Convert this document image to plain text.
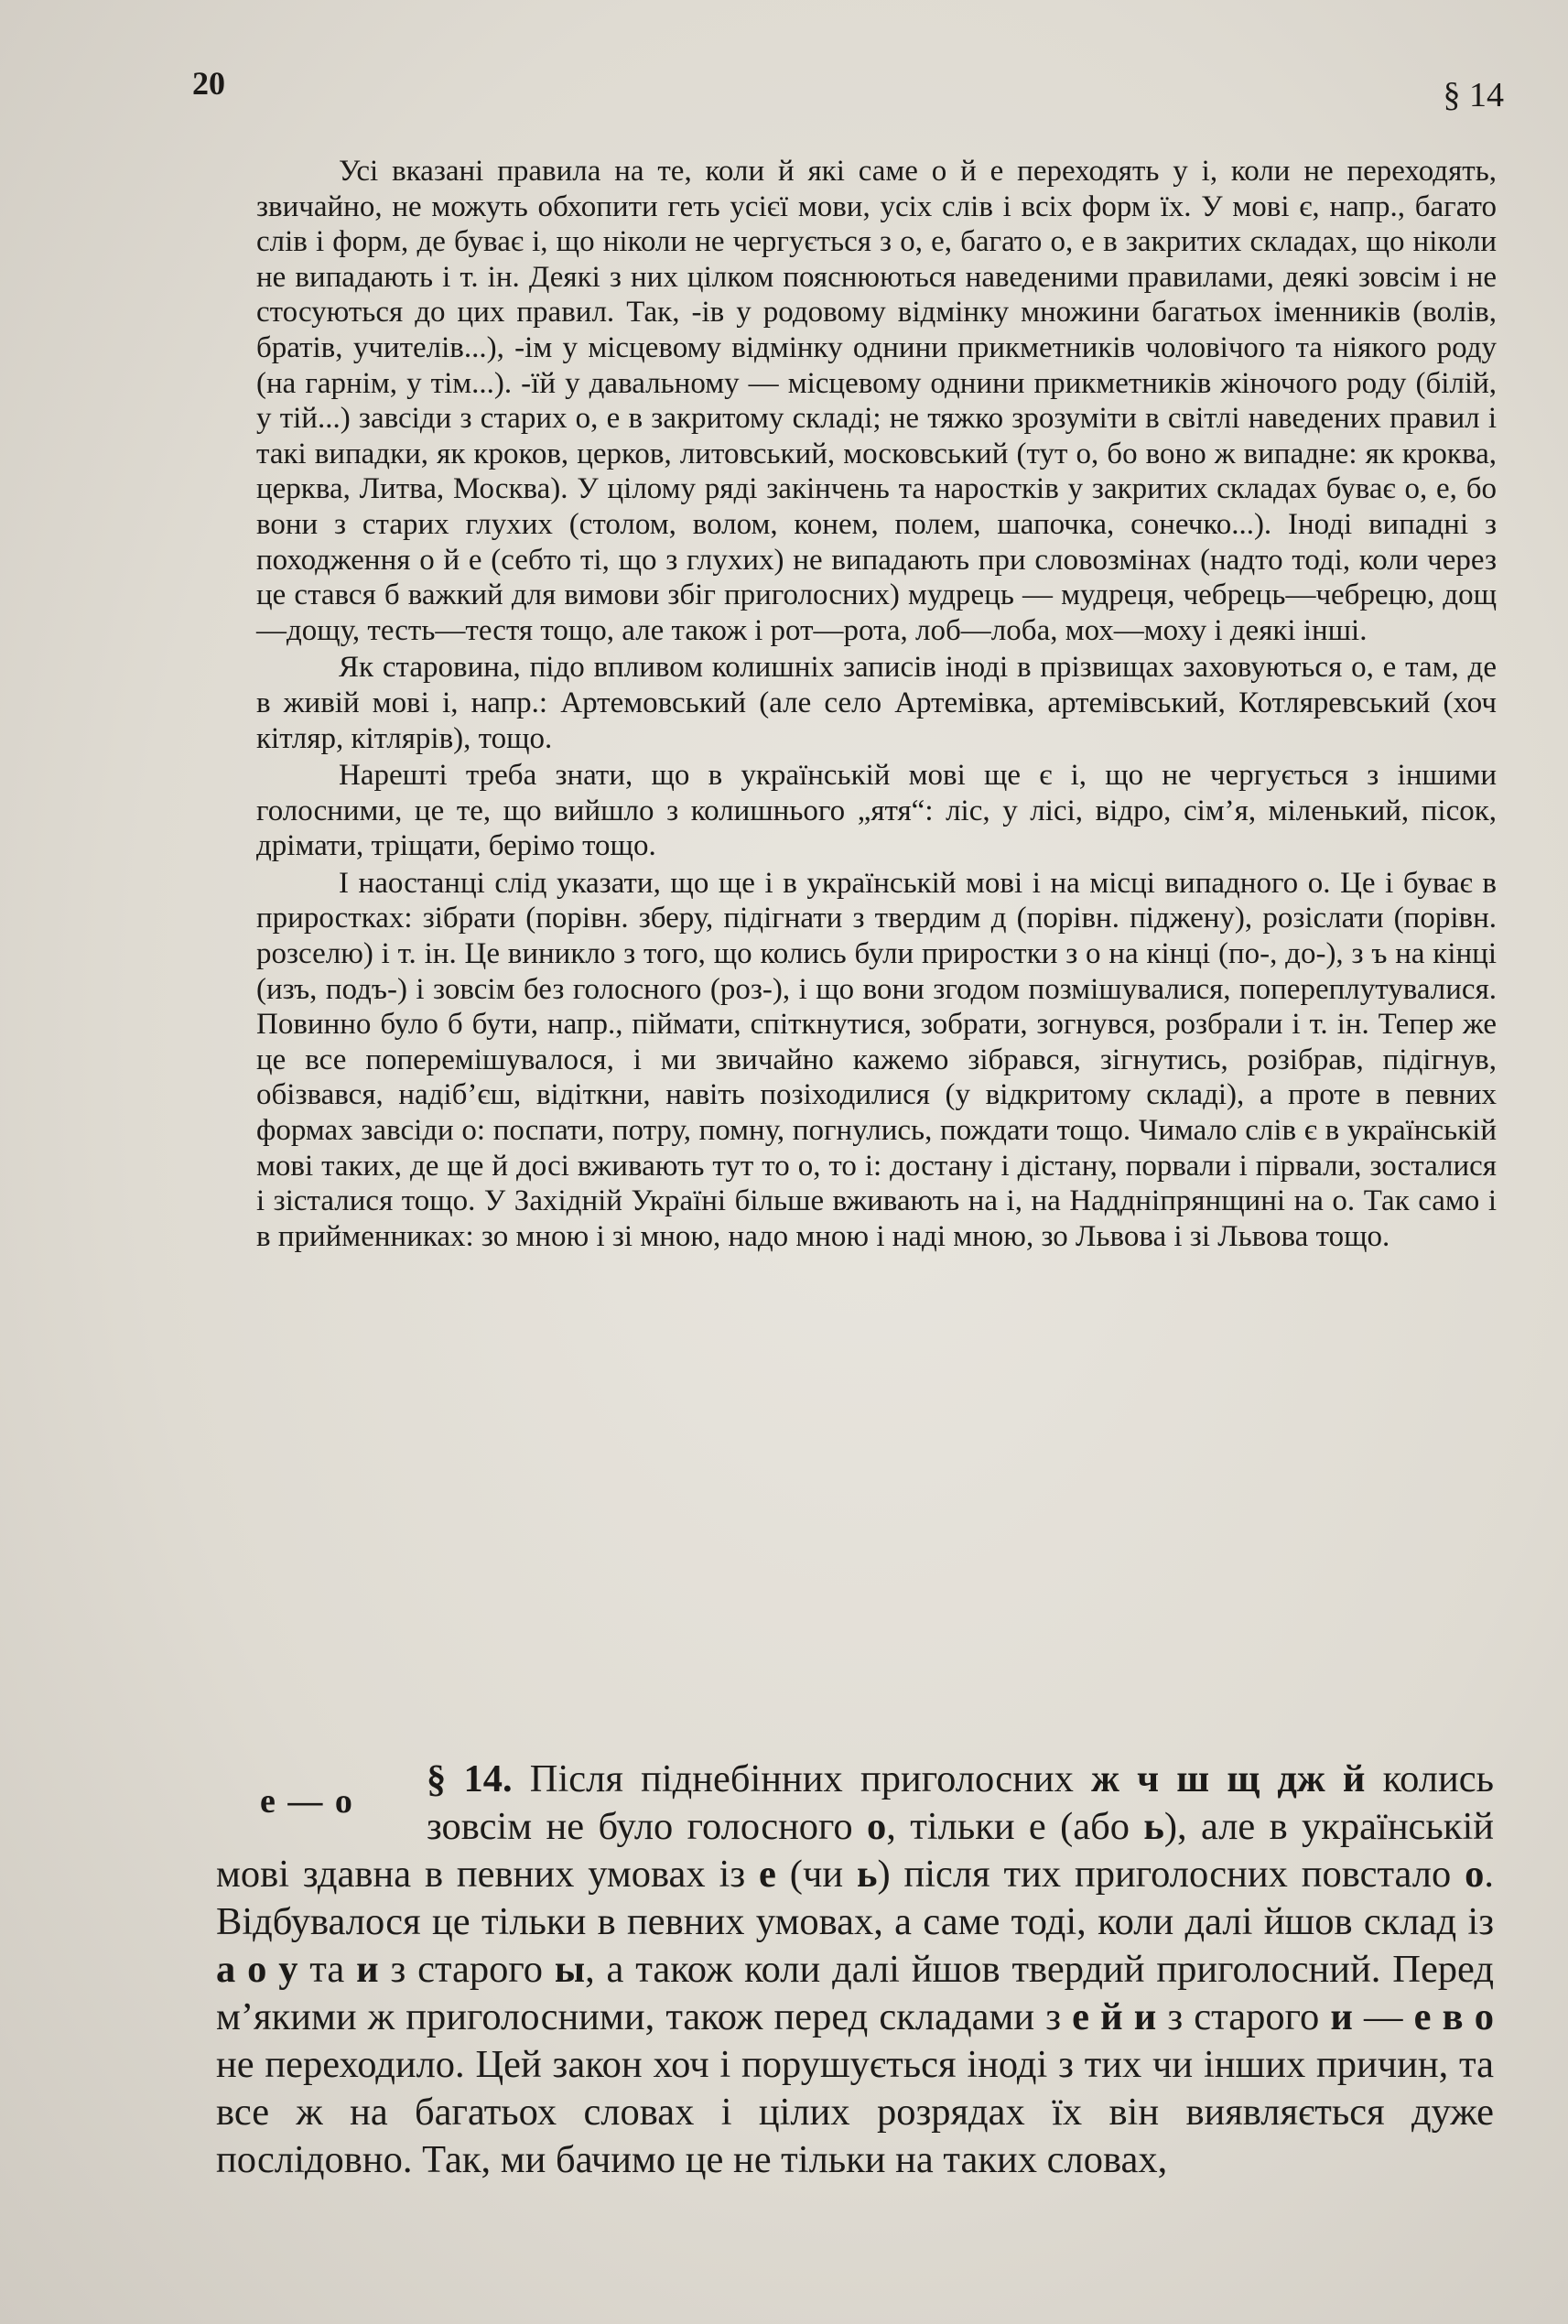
20	§ 14

Усі вказані правила на те, коли й які саме о й е переходять у і, коли не переходять, звичайно, не можуть обхопити геть усієї мови, усіх слів і всіх форм їх. У мові є, напр., багато слів і форм, де буває і, що ніколи не чергується з о, е, багато о, е в закритих складах, що ніколи не випадають і т. ін. Деякі з них цілком пояснюються наведеними правилами, деякі зовсім і не стосуються до цих правил. Так, -ів у родовому відмінку множини багатьох іменників (волів, братів, учителів...), -ім у місцевому відмінку однини прикметників чоловічого та ніякого роду (на гарнім, у тім...). -їй у давальному — місцевому однини прикметників жіночого роду (білій, у тій...) завсіди з старих о, е в закритому складі; не тяжко зрозуміти в світлі наведених правил і такі випадки, як кроков, церков, литовський, московський (тут о, бо воно ж випадне: як кроква, церква, Литва, Москва). У цілому ряді закінчень та наростків у закритих складах буває о, е, бо вони з старих глухих (столом, волом, конем, полем, шапочка, сонечко...). Іноді випадні з походження о й е (себто ті, що з глухих) не випадають при словозмінах (надто тоді, коли через це стався б важкий для вимови збіг приголосних) мудрець — мудреця, чебрець—чебрецю, дощ—дощу, тесть—тестя тощо, але також і рот—рота, лоб—лоба, мох—моху і деякі інші.

Як старовина, підо впливом колишніх записів іноді в прізвищах заховуються о, е там, де в живій мові і, напр.: Артемовський (але село Артемівка, артемівський, Котляревський (хоч кітляр, кітлярів), тощо.

Нарешті треба знати, що в українській мові ще є і, що не чергується з іншими голосними, це те, що вийшло з колишнього „ятя“: ліс, у лісі, відро, сім’я, міленький, пісок, дрімати, тріщати, берімо тощо.

І наостанці слід указати, що ще і в українській мові і на місці випадного о. Це і буває в приростках: зібрати (порівн. зберу, підігнати з твердим д (порівн. піджену), розіслати (порівн. розселю) і т. ін. Це виникло з того, що колись були приростки з о на кінці (по-, до-), з ъ на кінці (изъ, подъ-) і зовсім без голосного (роз-), і що вони згодом позмішувалися, попереплутувалися. Повинно було б бути, напр., піймати, спіткнутися, зобрати, зогнувся, розбрали і т. ін. Тепер же це все поперемішувалося, і ми звичайно кажемо зібрався, зігнутись, розібрав, підігнув, обізвався, надіб’єш, відіткни, навіть позіходилися (у відкритому складі), а проте в певних формах завсіди о: поспати, потру, помну, погнулись, пождати тощо. Чимало слів є в українській мові таких, де ще й досі вживають тут то о, то і: достану і дістану, порвали і пірвали, зосталися і зісталися тощо. У Західній Україні більше вживають на і, на Наддніпрянщині на о. Так само і в прийменниках: зо мною і зі мною, надо мною і наді мною, зо Львова і зі Львова тощо.

е — о

§ 14. Після піднебінних приголосних ж ч ш щ дж й колись зовсім не було голосного о, тільки е (або ь), але в українській мові здавна в певних умовах із е (чи ь) після тих приголосних повстало о. Відбувалося це тільки в певних умовах, а саме тоді, коли далі йшов склад із а о у та и з старого ы, а також коли далі йшов твердий приголосний. Перед м’якими ж приголосними, також перед складами з е й и з старого и — е в о не переходило. Цей закон хоч і порушується іноді з тих чи інших причин, та все ж на багатьох словах і цілих розрядах їх він виявляється дуже послідовно. Так, ми бачимо це не тільки на таких словах,
